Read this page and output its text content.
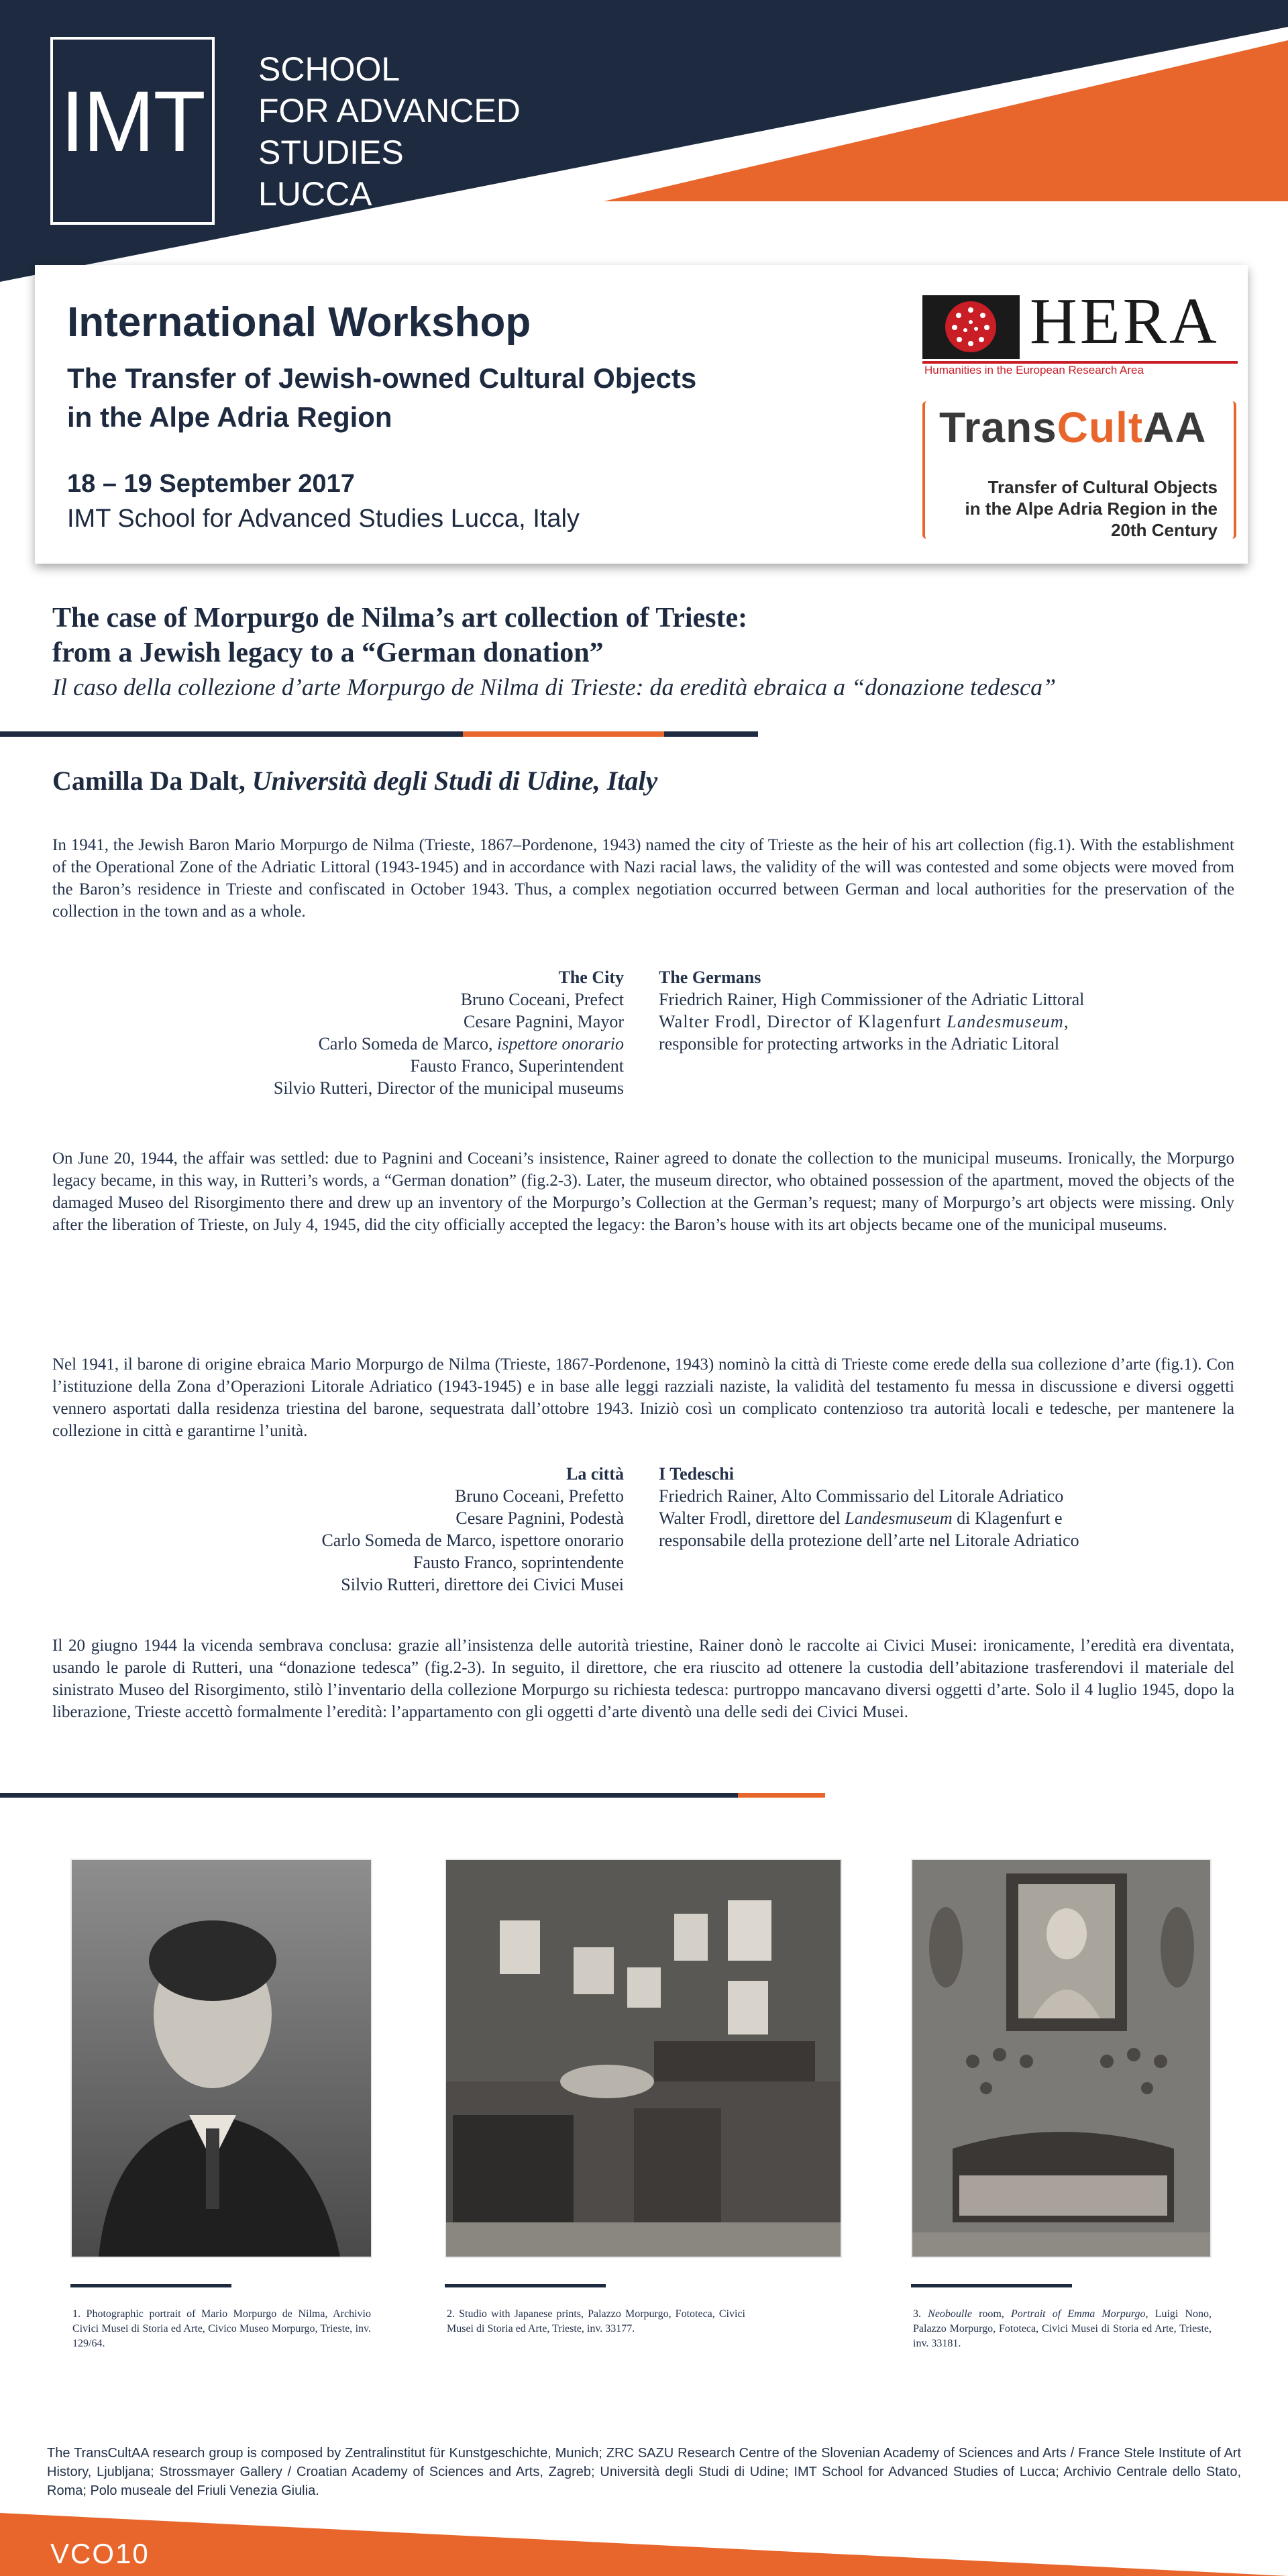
IMT
SCHOOL
FOR ADVANCED
STUDIES
LUCCA
International Workshop
The Transfer of Jewish-owned Cultural Objects
in the Alpe Adria Region
18 – 19 September 2017
IMT School for Advanced Studies Lucca, Italy
HERA
Humanities in the European Research Area
TransCultAA
Transfer of Cultural Objects
in the Alpe Adria Region in the
20th Century
The case of Morpurgo de Nilma’s art collection of Trieste:
from a Jewish legacy to a “German donation”
Il caso della collezione d’arte Morpurgo de Nilma di Trieste: da eredità ebraica a “donazione tedesca”
Camilla Da Dalt, Università degli Studi di Udine, Italy

In 1941, the Jewish Baron Mario Morpurgo de Nilma (Trieste, 1867–Pordenone, 1943) named the city of Trieste as the heir of his art collection (fig.1). With the establishment of the Operational Zone of the Adriatic Littoral (1943-1945) and in accordance with Nazi racial laws, the validity of the will was contested and some objects were moved from the Baron’s residence in Trieste and confiscated in October 1943. Thus, a complex negotiation occurred between German and local authorities for the preservation of the collection in the town and as a whole.

The City
Bruno Coceani, Prefect
Cesare Pagnini, Mayor
Carlo Someda de Marco, ispettore onorario
Fausto Franco, Superintendent
Silvio Rutteri, Director of the municipal museums
The Germans
Friedrich Rainer, High Commissioner of the Adriatic Littoral
Walter Frodl, Director of Klagenfurt Landesmuseum,
responsible for protecting artworks in the Adriatic Litoral

On June 20, 1944, the affair was settled: due to Pagnini and Coceani’s insistence, Rainer agreed to donate the collection to the municipal museums. Ironically, the Morpurgo legacy became, in this way, in Rutteri’s words, a “German donation” (fig.2-3). Later, the museum director, who obtained possession of the apartment, moved the objects of the damaged Museo del Risorgimento there and drew up an inventory of the Morpurgo’s Collection at the German’s request; many of Morpurgo’s art objects were missing. Only after the liberation of Trieste, on July 4, 1945, did the city officially accepted the legacy: the Baron’s house with its art objects became one of the municipal museums.

Nel 1941, il barone di origine ebraica Mario Morpurgo de Nilma (Trieste, 1867-Pordenone, 1943) nominò la città di Trieste come erede della sua collezione d’arte (fig.1). Con l’istituzione della Zona d’Operazioni Litorale Adriatico (1943-1945) e in base alle leggi razziali naziste, la validità del testamento fu messa in discussione e diversi oggetti vennero asportati dalla residenza triestina del barone, sequestrata dall’ottobre 1943. Iniziò così un complicato contenzioso tra autorità locali e tedesche, per mantenere la collezione in città e garantirne l’unità.

La città
Bruno Coceani, Prefetto
Cesare Pagnini, Podestà
Carlo Someda de Marco, ispettore onorario
Fausto Franco, soprintendente
Silvio Rutteri, direttore dei Civici Musei
I Tedeschi
Friedrich Rainer, Alto Commissario del Litorale Adriatico
Walter Frodl, direttore del Landesmuseum di Klagenfurt e
responsabile della protezione dell’arte nel Litorale Adriatico

Il 20 giugno 1944 la vicenda sembrava conclusa: grazie all’insistenza delle autorità triestine, Rainer donò le raccolte ai Civici Musei: ironicamente, l’eredità era diventata, usando le parole di Rutteri, una “donazione tedesca” (fig.2-3). In seguito, il direttore, che era riuscito ad ottenere la custodia dell’abitazione trasferendovi il materiale del sinistrato Museo del Risorgimento, stilò l’inventario della collezione Morpurgo su richiesta tedesca: purtroppo mancavano diversi oggetti d’arte. Solo il 4 luglio 1945, dopo la liberazione, Trieste accettò formalmente l’eredità: l’appartamento con gli oggetti d’arte diventò una delle sedi dei Civici Musei.

1. Photographic portrait of Mario Morpurgo de Nilma, Archivio Civici Musei di Storia ed Arte, Civico Museo Morpurgo, Trieste, inv. 129/64.
2. Studio with Japanese prints, Palazzo Morpurgo, Fototeca, Civici Musei di Storia ed Arte, Trieste, inv. 33177.
3. Neoboulle room, Portrait of Emma Morpurgo, Luigi Nono, Palazzo Morpurgo, Fototeca, Civici Musei di Storia ed Arte, Trieste, inv. 33181.
The TransCultAA research group is composed by Zentralinstitut für Kunstgeschichte, Munich; ZRC SAZU Research Centre of the Slovenian Academy of Sciences and Arts / France Stele Institute of Art History, Ljubljana; Strossmayer Gallery / Croatian Academy of Sciences and Arts, Zagreb; Università degli Studi di Udine; IMT School for Advanced Studies of Lucca; Archivio Centrale dello Stato, Roma; Polo museale del Friuli Venezia Giulia.
VCO10
